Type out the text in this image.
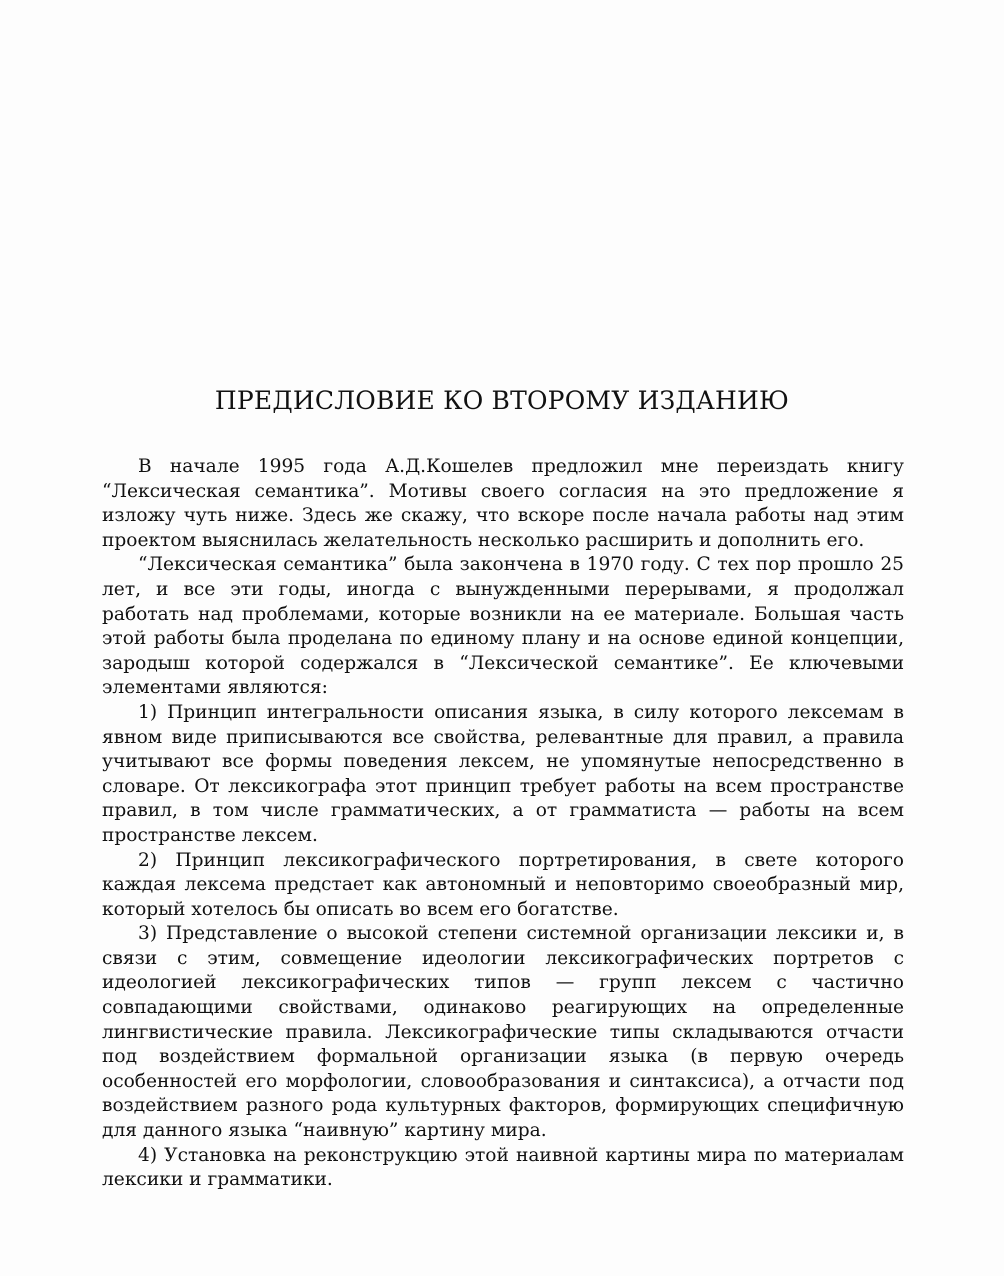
ПРЕДИСЛОВИЕ КО ВТОРОМУ ИЗДАНИЮ

В начале 1995 года А.Д.Кошелев предложил мне переиздать книгу “Лексическая семантика”. Мотивы своего согласия на это предложение я изложу чуть ниже. Здесь же скажу, что вскоре после начала работы над этим проектом выяснилась желательность несколько расширить и дополнить его.

“Лексическая семантика” была закончена в 1970 году. С тех пор прошло 25 лет, и все эти годы, иногда с вынужденными перерывами, я продолжал работать над проблемами, которые возникли на ее материале. Большая часть этой работы была проделана по единому плану и на основе единой концепции, зародыш которой содержался в “Лексической семантике”. Ее ключевыми элементами являются:

1) Принцип интегральности описания языка, в силу которого лексемам в явном виде приписываются все свойства, релевантные для правил, а правила учитывают все формы поведения лексем, не упомянутые непосредственно в словаре. От лексикографа этот принцип требует работы на всем пространстве правил, в том числе грамматических, а от грамматиста — работы на всем пространстве лексем.

2) Принцип лексикографического портретирования, в свете которого каждая лексема предстает как автономный и неповторимо своеобразный мир, который хотелось бы описать во всем его богатстве.

3) Представление о высокой степени системной организации лексики и, в связи с этим, совмещение идеологии лексикографических портретов с идеологией лексикографических типов — групп лексем с частично совпадающими свойствами, одинаково реагирующих на определенные лингвистические правила. Лексикографические типы складываются отчасти под воздействием формальной организации языка (в первую очередь особенностей его морфологии, словообразования и синтаксиса), а отчасти под воздействием разного рода культурных факторов, формирующих специфичную для данного языка “наивную” картину мира.

4) Установка на реконструкцию этой наивной картины мира по материалам лексики и грамматики.
